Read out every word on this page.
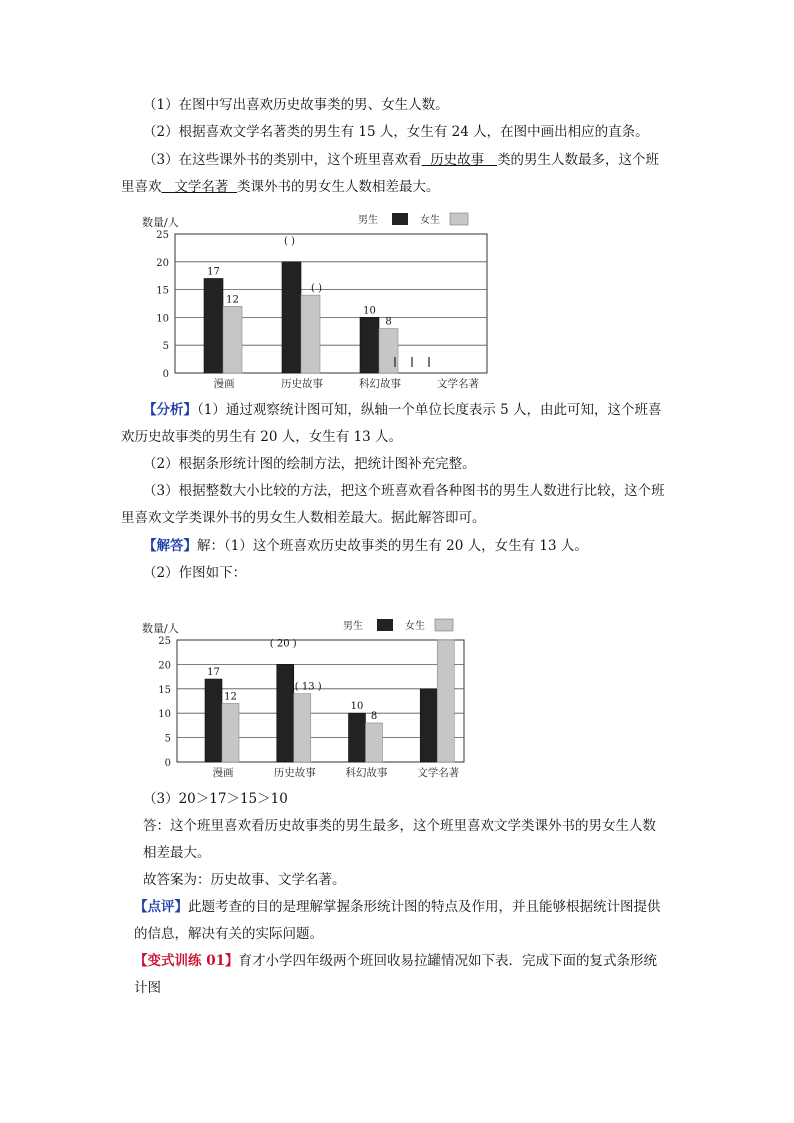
（1）在图中写出喜欢历史故事类的男、女生人数。
（2）根据喜欢文学名著类的男生有 15 人，女生有 24 人，在图中画出相应的直条。
（3）在这些课外书的类别中，这个班里喜欢看 历史故事 类的男生人数最多，这个班
里喜欢 文学名著 类课外书的男女生人数相差最大。
数量/人	男生	女生
0
5
10
15
20
25
漫画
17
12
历史故事
( )
( )
科幻故事
10
8
文学名著
【分析】（1）通过观察统计图可知，纵轴一个单位长度表示 5 人，由此可知，这个班喜
欢历史故事类的男生有 20 人，女生有 13 人。
（2）根据条形统计图的绘制方法，把统计图补充完整。
（3）根据整数大小比较的方法，把这个班喜欢看各种图书的男生人数进行比较，这个班
里喜欢文学类课外书的男女生人数相差最大。据此解答即可。
【解答】解：（1）这个班喜欢历史故事类的男生有 20 人，女生有 13 人。
（2）作图如下：
数量/人	男生	女生
0
5
10
15
20
25
漫画
17
12
历史故事
( 20 )
( 13 )
科幻故事
10
8
文学名著
（3）20＞17＞15＞10
答：这个班里喜欢看历史故事类的男生最多，这个班里喜欢文学类课外书的男女生人数
相差最大。
故答案为：历史故事、文学名著。
【点评】此题考查的目的是理解掌握条形统计图的特点及作用，并且能够根据统计图提供
的信息，解决有关的实际问题。
【变式训练 01】育才小学四年级两个班回收易拉罐情况如下表．完成下面的复式条形统
计图
